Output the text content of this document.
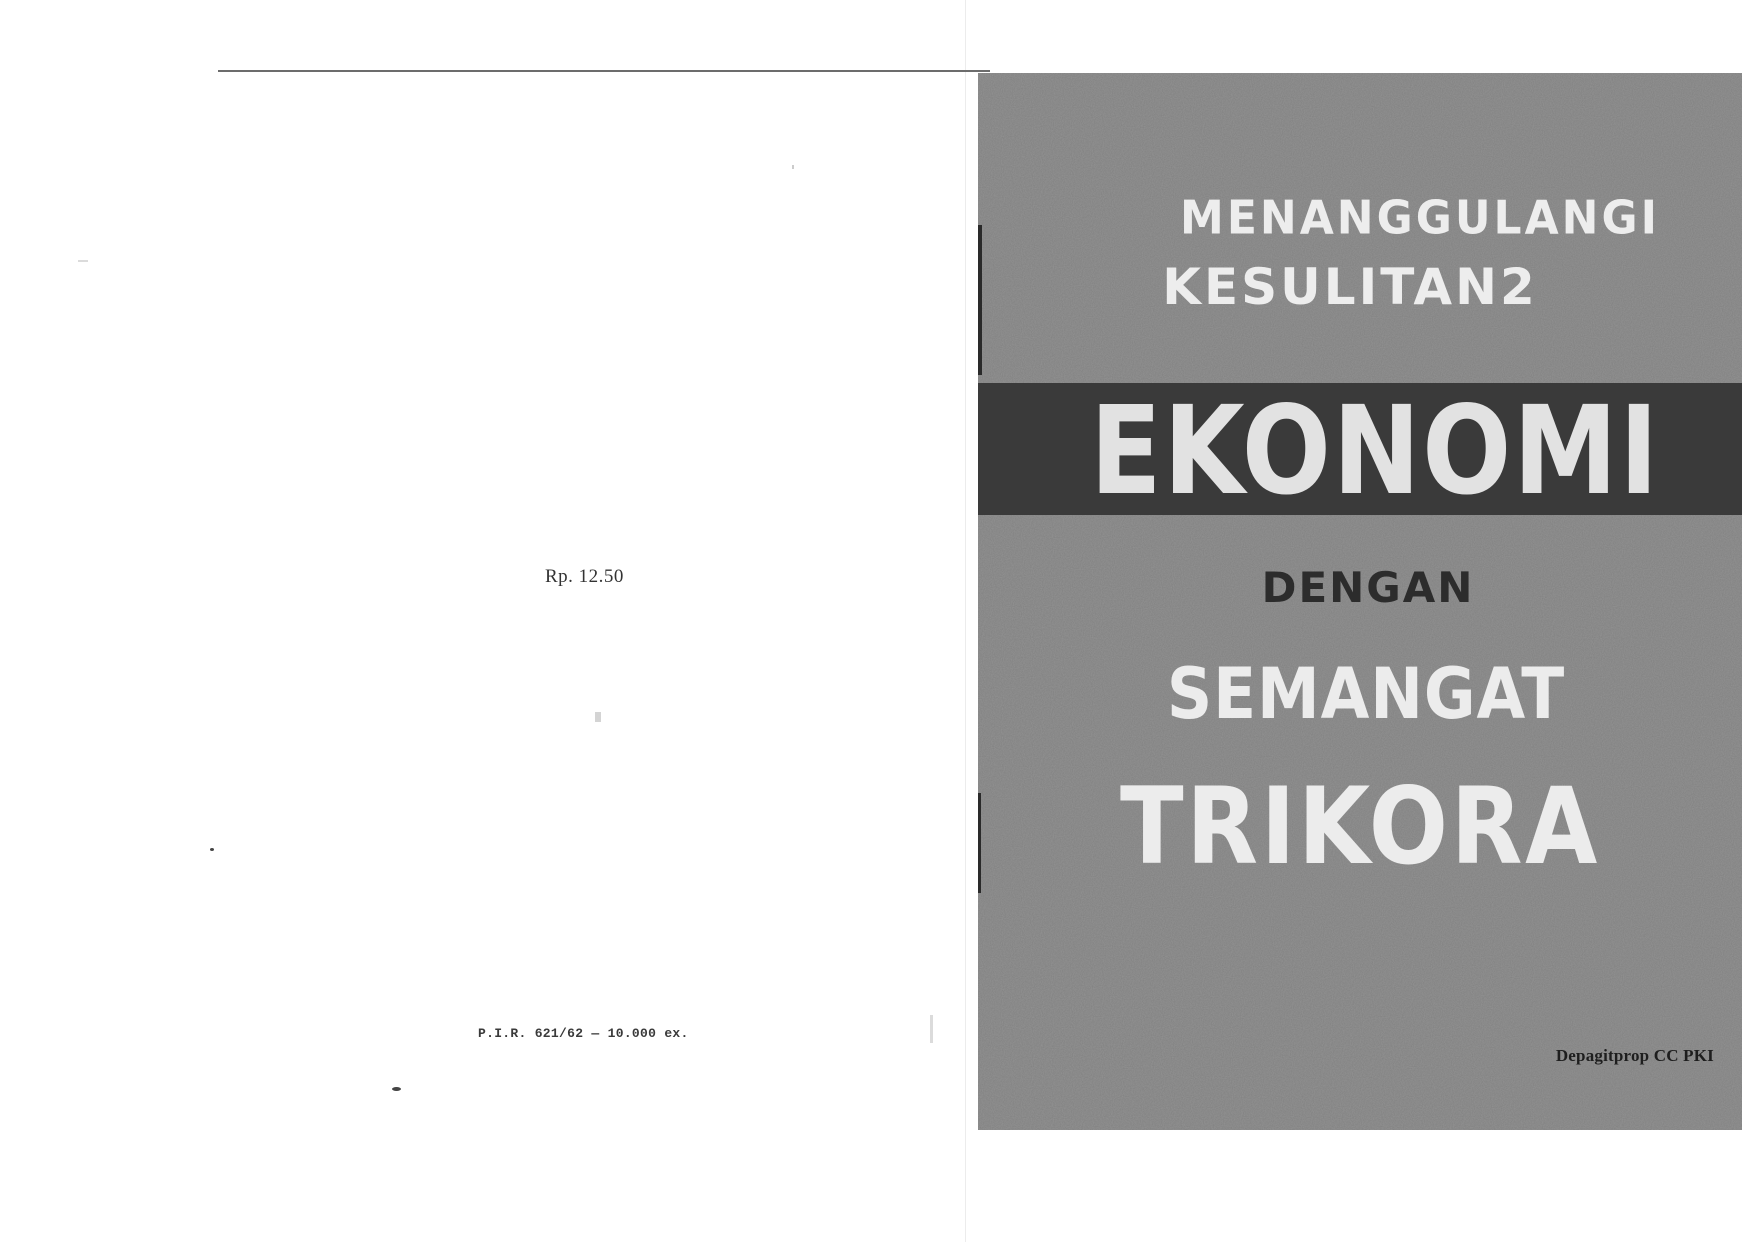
Rp. 12.50
P.I.R. 621/62 — 10.000 ex.
MENANGGULANGI
KESULITAN2
EKONOMI
DENGAN
SEMANGAT
TRIKORA
Depagitprop CC PKI
